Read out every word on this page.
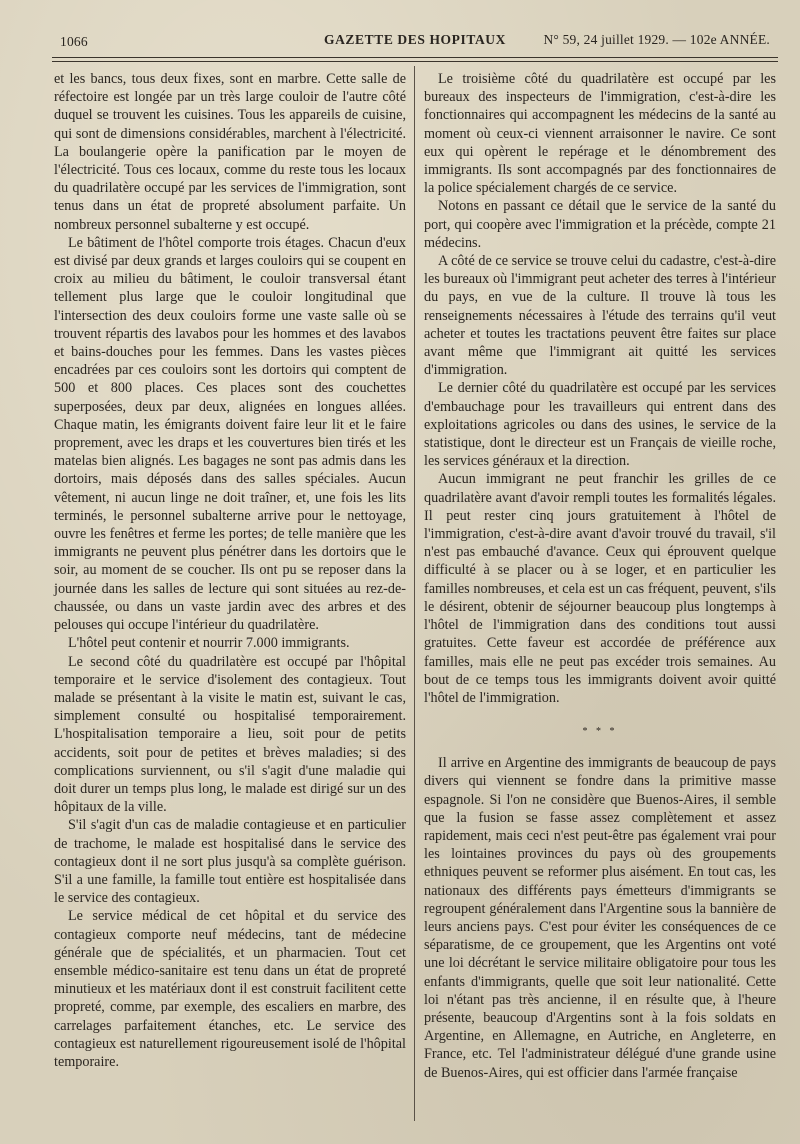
1066	GAZETTE DES HOPITAUX	N° 59, 24 juillet 1929. — 102e ANNÉE.

et les bancs, tous deux fixes, sont en marbre. Cette salle de réfectoire est longée par un très large couloir de l'autre côté duquel se trouvent les cuisines. Tous les appareils de cuisine, qui sont de dimensions considérables, marchent à l'électricité. La boulangerie opère la panification par le moyen de l'électricité. Tous ces locaux, comme du reste tous les locaux du quadrilatère occupé par les services de l'immigration, sont tenus dans un état de propreté absolument parfaite. Un nombreux personnel subalterne y est occupé.

Le bâtiment de l'hôtel comporte trois étages. Chacun d'eux est divisé par deux grands et larges couloirs qui se coupent en croix au milieu du bâtiment, le couloir transversal étant tellement plus large que le couloir longitudinal que l'intersection des deux couloirs forme une vaste salle où se trouvent répartis des lavabos pour les hommes et des lavabos et bains-douches pour les femmes. Dans les vastes pièces encadrées par ces couloirs sont les dortoirs qui comptent de 500 et 800 places. Ces places sont des couchettes superposées, deux par deux, alignées en longues allées. Chaque matin, les émigrants doivent faire leur lit et le faire proprement, avec les draps et les couvertures bien tirés et les matelas bien alignés. Les bagages ne sont pas admis dans les dortoirs, mais déposés dans des salles spéciales. Aucun vêtement, ni aucun linge ne doit traîner, et, une fois les lits terminés, le personnel subalterne arrive pour le nettoyage, ouvre les fenêtres et ferme les portes; de telle manière que les immigrants ne peuvent plus pénétrer dans les dortoirs que le soir, au moment de se coucher. Ils ont pu se reposer dans la journée dans les salles de lecture qui sont situées au rez-de-chaussée, ou dans un vaste jardin avec des arbres et des pelouses qui occupe l'intérieur du quadrilatère.

L'hôtel peut contenir et nourrir 7.000 immigrants.

Le second côté du quadrilatère est occupé par l'hôpital temporaire et le service d'isolement des contagieux. Tout malade se présentant à la visite le matin est, suivant le cas, simplement consulté ou hospitalisé temporairement. L'hospitalisation temporaire a lieu, soit pour de petits accidents, soit pour de petites et brèves maladies; si des complications surviennent, ou s'il s'agit d'une maladie qui doit durer un temps plus long, le malade est dirigé sur un des hôpitaux de la ville.

S'il s'agit d'un cas de maladie contagieuse et en particulier de trachome, le malade est hospitalisé dans le service des contagieux dont il ne sort plus jusqu'à sa complète guérison. S'il a une famille, la famille tout entière est hospitalisée dans le service des contagieux.

Le service médical de cet hôpital et du service des contagieux comporte neuf médecins, tant de médecine générale que de spécialités, et un pharmacien. Tout cet ensemble médico-sanitaire est tenu dans un état de propreté minutieux et les matériaux dont il est construit facilitent cette propreté, comme, par exemple, des escaliers en marbre, des carrelages parfaitement étanches, etc. Le service des contagieux est naturellement rigoureusement isolé de l'hôpital temporaire.

Le troisième côté du quadrilatère est occupé par les bureaux des inspecteurs de l'immigration, c'est-à-dire les fonctionnaires qui accompagnent les médecins de la santé au moment où ceux-ci viennent arraisonner le navire. Ce sont eux qui opèrent le repérage et le dénombrement des immigrants. Ils sont accompagnés par des fonctionnaires de la police spécialement chargés de ce service.

Notons en passant ce détail que le service de la santé du port, qui coopère avec l'immigration et la précède, compte 21 médecins.

A côté de ce service se trouve celui du cadastre, c'est-à-dire les bureaux où l'immigrant peut acheter des terres à l'intérieur du pays, en vue de la culture. Il trouve là tous les renseignements nécessaires à l'étude des terrains qu'il veut acheter et toutes les tractations peuvent être faites sur place avant même que l'immigrant ait quitté les services d'immigration.

Le dernier côté du quadrilatère est occupé par les services d'embauchage pour les travailleurs qui entrent dans des exploitations agricoles ou dans des usines, le service de la statistique, dont le directeur est un Français de vieille roche, les services généraux et la direction.

Aucun immigrant ne peut franchir les grilles de ce quadrilatère avant d'avoir rempli toutes les formalités légales. Il peut rester cinq jours gratuitement à l'hôtel de l'immigration, c'est-à-dire avant d'avoir trouvé du travail, s'il n'est pas embauché d'avance. Ceux qui éprouvent quelque difficulté à se placer ou à se loger, et en particulier les familles nombreuses, et cela est un cas fréquent, peuvent, s'ils le désirent, obtenir de séjourner beaucoup plus longtemps à l'hôtel de l'immigration dans des conditions tout aussi gratuites. Cette faveur est accordée de préférence aux familles, mais elle ne peut pas excéder trois semaines. Au bout de ce temps tous les immigrants doivent avoir quitté l'hôtel de l'immigration.

* * *

Il arrive en Argentine des immigrants de beaucoup de pays divers qui viennent se fondre dans la primitive masse espagnole. Si l'on ne considère que Buenos-Aires, il semble que la fusion se fasse assez complètement et assez rapidement, mais ceci n'est peut-être pas également vrai pour les lointaines provinces du pays où des groupements ethniques peuvent se reformer plus aisément. En tout cas, les nationaux des différents pays émetteurs d'immigrants se regroupent généralement dans l'Argentine sous la bannière de leurs anciens pays. C'est pour éviter les conséquences de ce séparatisme, de ce groupement, que les Argentins ont voté une loi décrétant le service militaire obligatoire pour tous les enfants d'immigrants, quelle que soit leur nationalité. Cette loi n'étant pas très ancienne, il en résulte que, à l'heure présente, beaucoup d'Argentins sont à la fois soldats en Argentine, en Allemagne, en Autriche, en Angleterre, en France, etc. Tel l'administrateur délégué d'une grande usine de Buenos-Aires, qui est officier dans l'armée française
